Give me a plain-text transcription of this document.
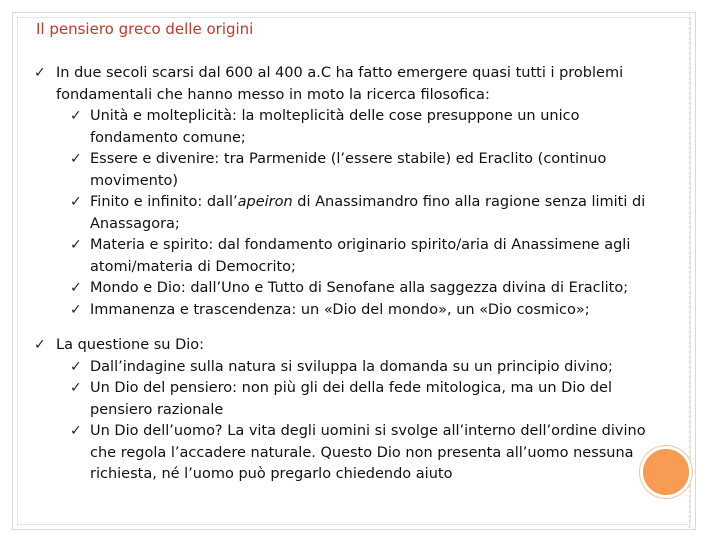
Il pensiero greco delle origini
✓ In due secoli scarsi dal 600 al 400 a.C ha fatto emergere quasi tutti i problemi fondamentali che hanno messo in moto la ricerca filosofica:
✓ Unità e molteplicità: la molteplicità delle cose presuppone un unico fondamento comune;
✓ Essere e divenire: tra Parmenide (l’essere stabile) ed Eraclito (continuo movimento)
✓ Finito e infinito: dall’apeiron di Anassimandro fino alla ragione senza limiti di Anassagora;
✓ Materia e spirito: dal fondamento originario spirito/aria di Anassimene agli atomi/materia di Democrito;
✓ Mondo e Dio: dall’Uno e Tutto di Senofane alla saggezza divina di Eraclito;
✓ Immanenza e trascendenza: un «Dio del mondo», un «Dio cosmico»;
✓ La questione su Dio:
✓ Dall’indagine sulla natura si sviluppa la domanda su un principio divino;
✓ Un Dio del pensiero: non più gli dei della fede mitologica, ma un Dio del pensiero razionale
✓ Un Dio dell’uomo? La vita degli uomini si svolge all’interno dell’ordine divino che regola l’accadere naturale. Questo Dio non presenta all’uomo nessuna richiesta, né l’uomo può pregarlo chiedendo aiuto
